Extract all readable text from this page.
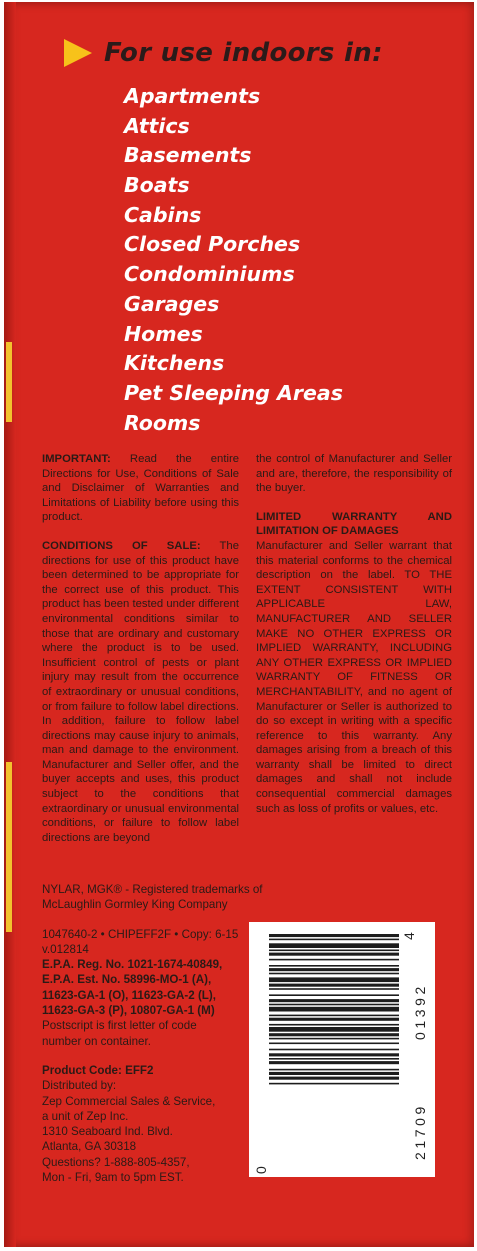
For use indoors in:
Apartments
Attics
Basements
Boats
Cabins
Closed Porches
Condominiums
Garages
Homes
Kitchens
Pet Sleeping Areas
Rooms

IMPORTANT: Read the entire Directions for Use, Conditions of Sale and Disclaimer of Warranties and Limitations of Liability before using this product.

CONDITIONS OF SALE: The directions for use of this product have been determined to be appropriate for the correct use of this product. This product has been tested under different environmental conditions similar to those that are ordinary and customary where the product is to be used. Insufficient control of pests or plant injury may result from the occurrence of extraordinary or unusual conditions, or from failure to follow label directions. In addition, failure to follow label directions may cause injury to animals, man and damage to the environment. Manufacturer and Seller offer, and the buyer accepts and uses, this product subject to the conditions that extraordinary or unusual environmental conditions, or failure to follow label directions are beyond

the control of Manufacturer and Seller and are, therefore, the responsibility of the buyer.

LIMITED WARRANTY AND LIMITATION OF DAMAGES
Manufacturer and Seller warrant that this material conforms to the chemical description on the label. TO THE EXTENT CONSISTENT WITH APPLICABLE LAW, MANUFACTURER AND SELLER MAKE NO OTHER EXPRESS OR IMPLIED WARRANTY, INCLUDING ANY OTHER EXPRESS OR IMPLIED WARRANTY OF FITNESS OR MERCHANTABILITY, and no agent of Manufacturer or Seller is authorized to do so except in writing with a specific reference to this warranty. Any damages arising from a breach of this warranty shall be limited to direct damages and shall not include consequential commercial damages such as loss of profits or values, etc.

NYLAR, MGK® - Registered trademarks of
McLaughlin Gormley King Company
1047640-2 • CHIPEFF2F • Copy: 6-15
v.012814
E.P.A. Reg. No. 1021-1674-40849,
E.P.A. Est. No. 58996-MO-1 (A),
11623-GA-1 (O), 11623-GA-2 (L),
11623-GA-3 (P), 10807-GA-1 (M)
Postscript is first letter of code
number on container.
Product Code: EFF2
Distributed by:
Zep Commercial Sales & Service,
a unit of Zep Inc.
1310 Seaboard Ind. Blvd.
Atlanta, GA 30318
Questions? 1-888-805-4357,
Mon - Fri, 9am to 5pm EST.
0
4
21709
01392
